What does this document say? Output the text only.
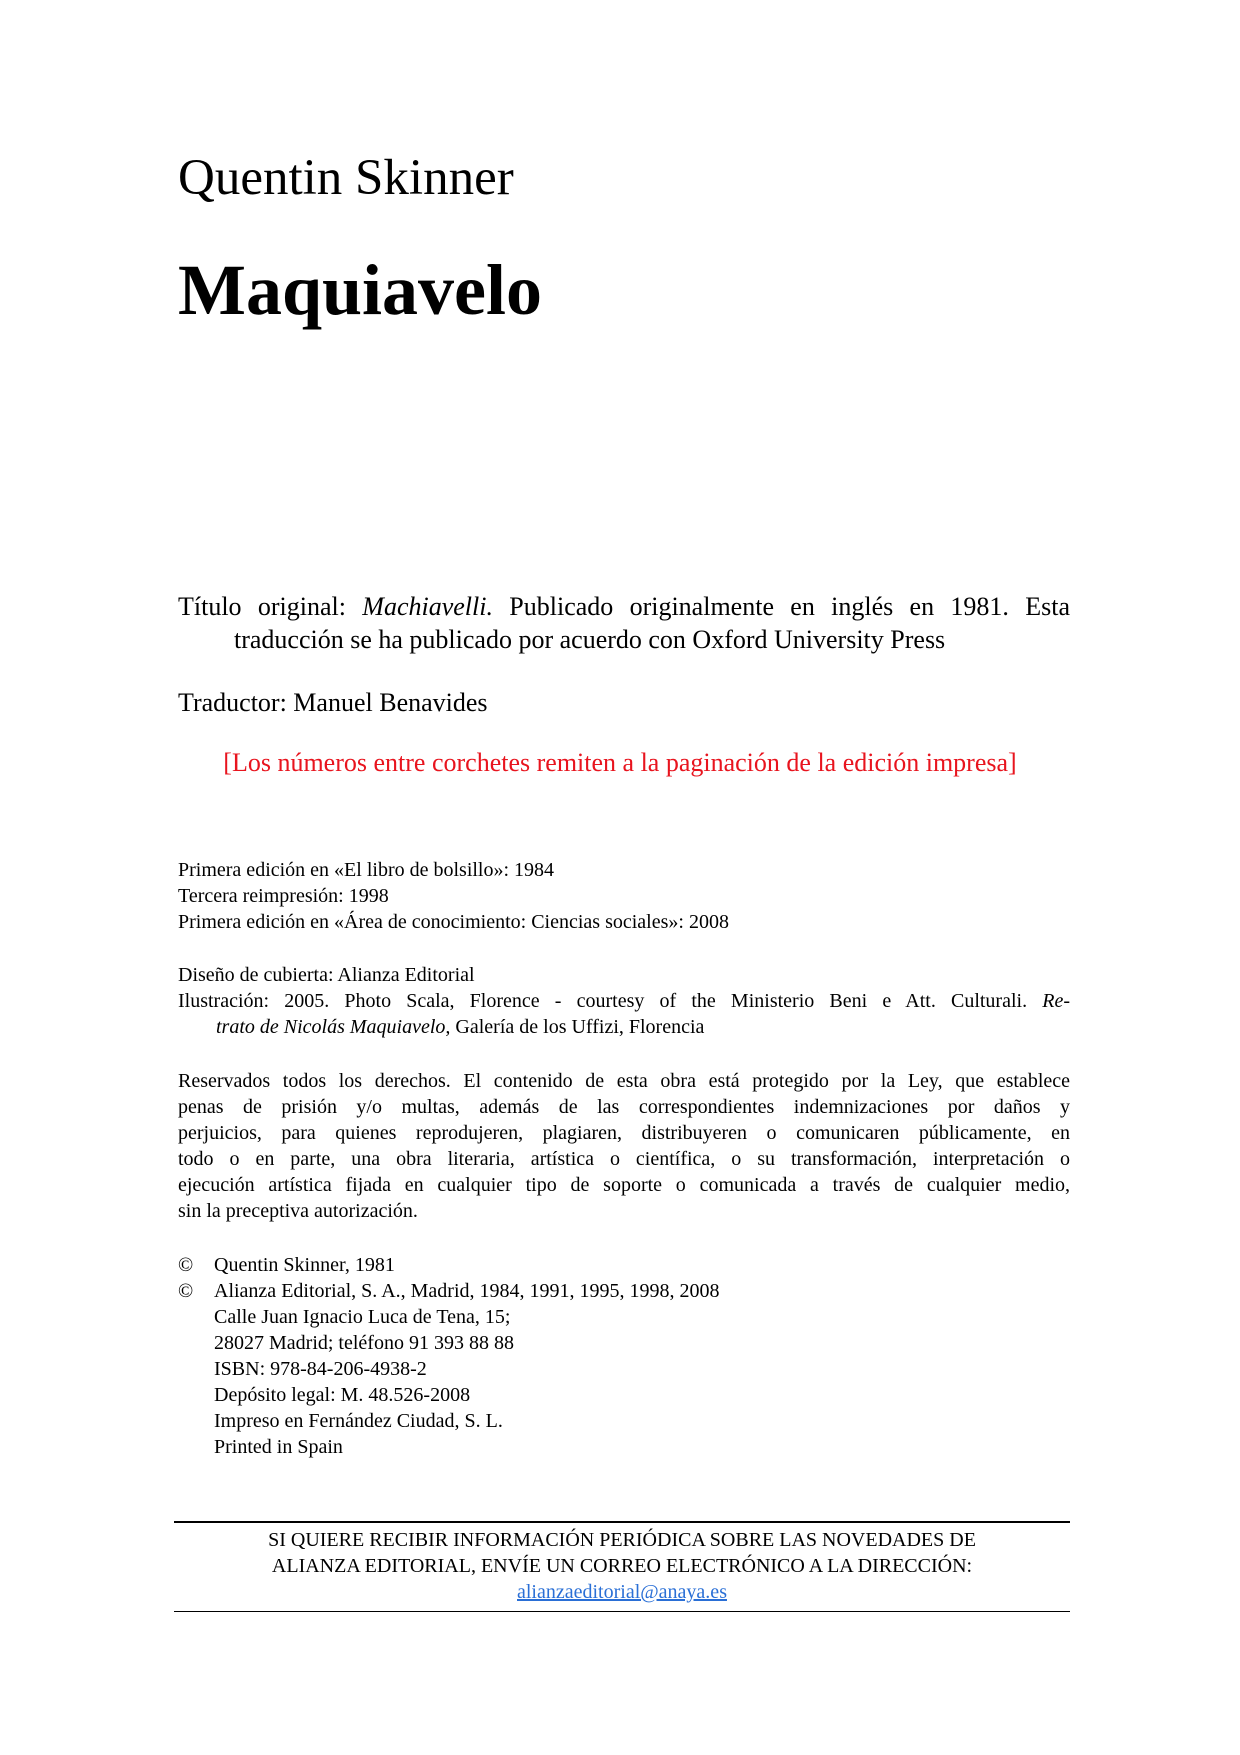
Quentin Skinner
Maquiavelo
Título original: Machiavelli. Publicado originalmente en inglés en 1981. Esta
traducción se ha publicado por acuerdo con Oxford University Press
Traductor: Manuel Benavides
[Los números entre corchetes remiten a la paginación de la edición impresa]
Primera edición en «El libro de bolsillo»: 1984
Tercera reimpresión: 1998
Primera edición en «Área de conocimiento: Ciencias sociales»: 2008
Diseño de cubierta: Alianza Editorial
Ilustración: 2005. Photo Scala, Florence - courtesy of the Ministerio Beni e Att. Culturali. Re-
trato de Nicolás Maquiavelo, Galería de los Uffizi, Florencia
Reservados todos los derechos. El contenido de esta obra está protegido por la Ley, que establece
penas de prisión y/o multas, además de las correspondientes indemnizaciones por daños y
perjuicios, para quienes reprodujeren, plagiaren, distribuyeren o comunicaren públicamente, en
todo o en parte, una obra literaria, artística o científica, o su transformación, interpretación o
ejecución artística fijada en cualquier tipo de soporte o comunicada a través de cualquier medio,
sin la preceptiva autorización.
©	Quentin Skinner, 1981
©	Alianza Editorial, S. A., Madrid, 1984, 1991, 1995, 1998, 2008
Calle Juan Ignacio Luca de Tena, 15;
28027 Madrid; teléfono 91 393 88 88
ISBN: 978-84-206-4938-2
Depósito legal: M. 48.526-2008
Impreso en Fernández Ciudad, S. L.
Printed in Spain
SI QUIERE RECIBIR INFORMACIÓN PERIÓDICA SOBRE LAS NOVEDADES DE
ALIANZA EDITORIAL, ENVÍE UN CORREO ELECTRÓNICO A LA DIRECCIÓN:
alianzaeditorial@anaya.es
